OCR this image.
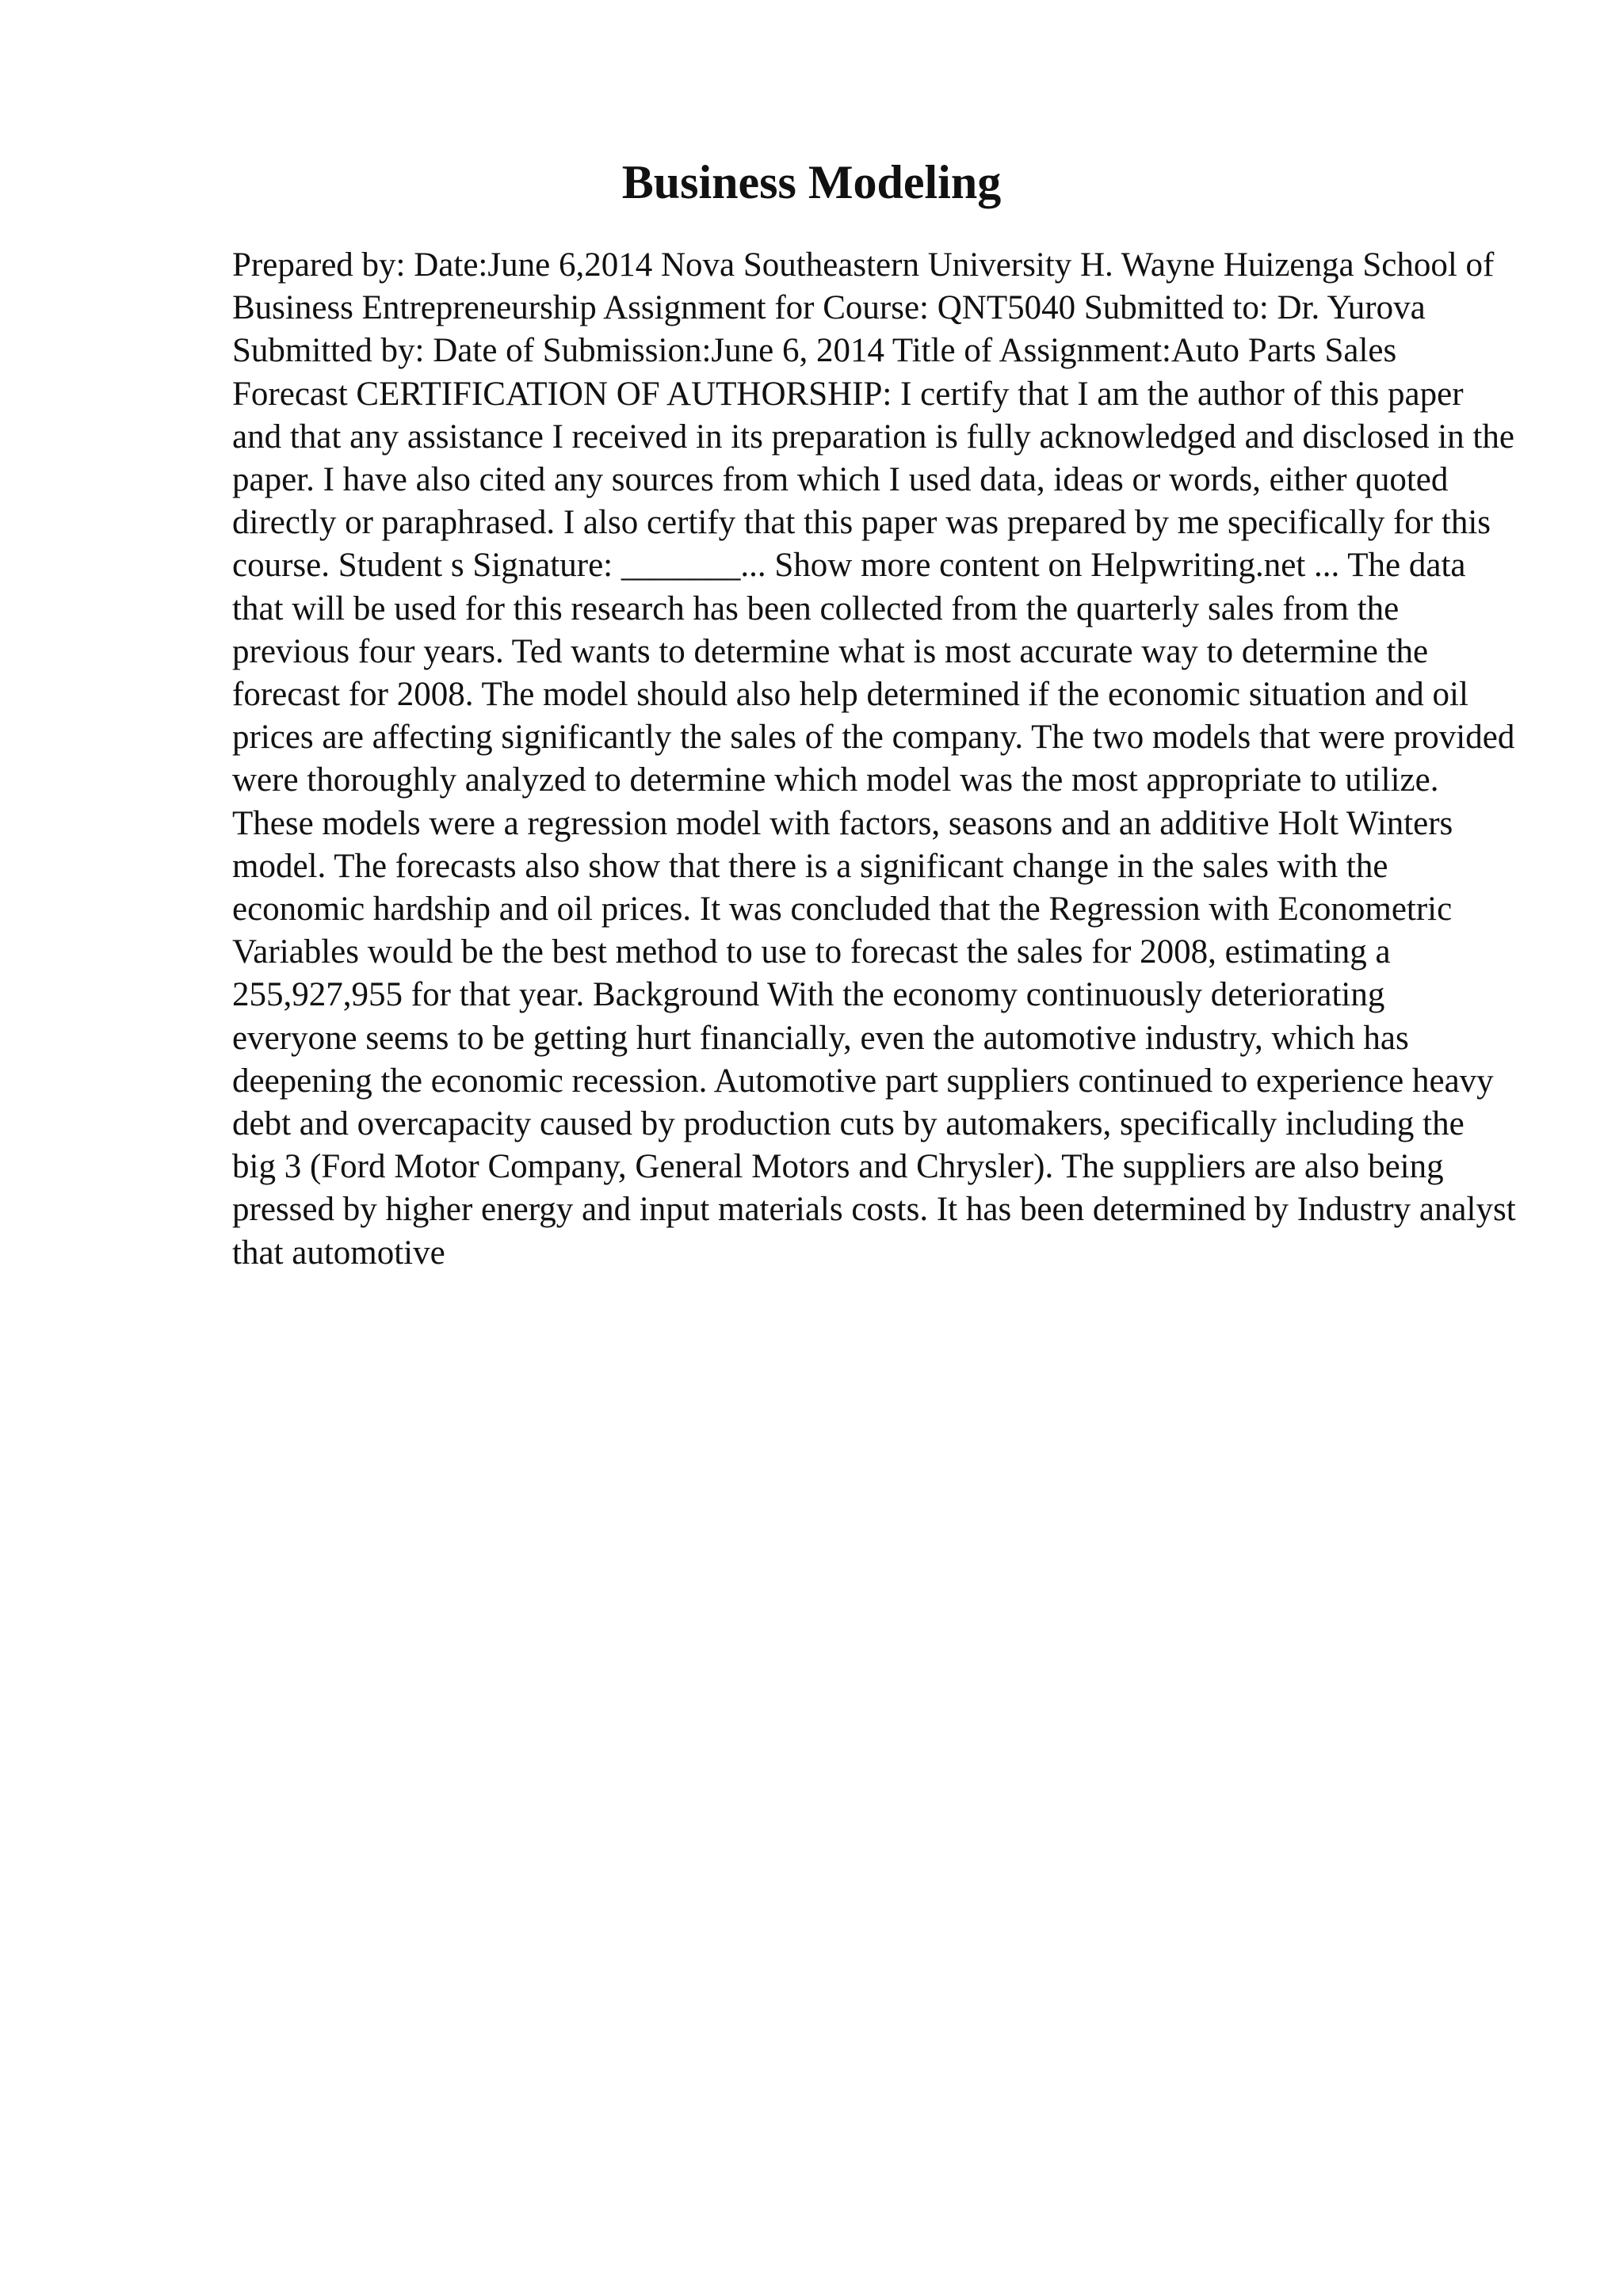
Business Modeling

Prepared by: Date:June 6,2014 Nova Southeastern University H. Wayne Huizenga School of Business Entrepreneurship Assignment for Course: QNT5040 Submitted to: Dr. Yurova Submitted by: Date of Submission:June 6, 2014 Title of Assignment:Auto Parts Sales Forecast CERTIFICATION OF AUTHORSHIP: I certify that I am the author of this paper and that any assistance I received in its preparation is fully acknowledged and disclosed in the paper. I have also cited any sources from which I used data, ideas or words, either quoted directly or paraphrased. I also certify that this paper was prepared by me specifically for this course. Student s Signature: _______... Show more content on Helpwriting.net ... The data that will be used for this research has been collected from the quarterly sales from the previous four years. Ted wants to determine what is most accurate way to determine the forecast for 2008. The model should also help determined if the economic situation and oil prices are affecting significantly the sales of the company. The two models that were provided were thoroughly analyzed to determine which model was the most appropriate to utilize. These models were a regression model with factors, seasons and an additive Holt Winters model. The forecasts also show that there is a significant change in the sales with the economic hardship and oil prices. It was concluded that the Regression with Econometric Variables would be the best method to use to forecast the sales for 2008, estimating a 255,927,955 for that year. Background With the economy continuously deteriorating everyone seems to be getting hurt financially, even the automotive industry, which has deepening the economic recession. Automotive part suppliers continued to experience heavy debt and overcapacity caused by production cuts by automakers, specifically including the big 3 (Ford Motor Company, General Motors and Chrysler). The suppliers are also being pressed by higher energy and input materials costs. It has been determined by Industry analyst that automotive
